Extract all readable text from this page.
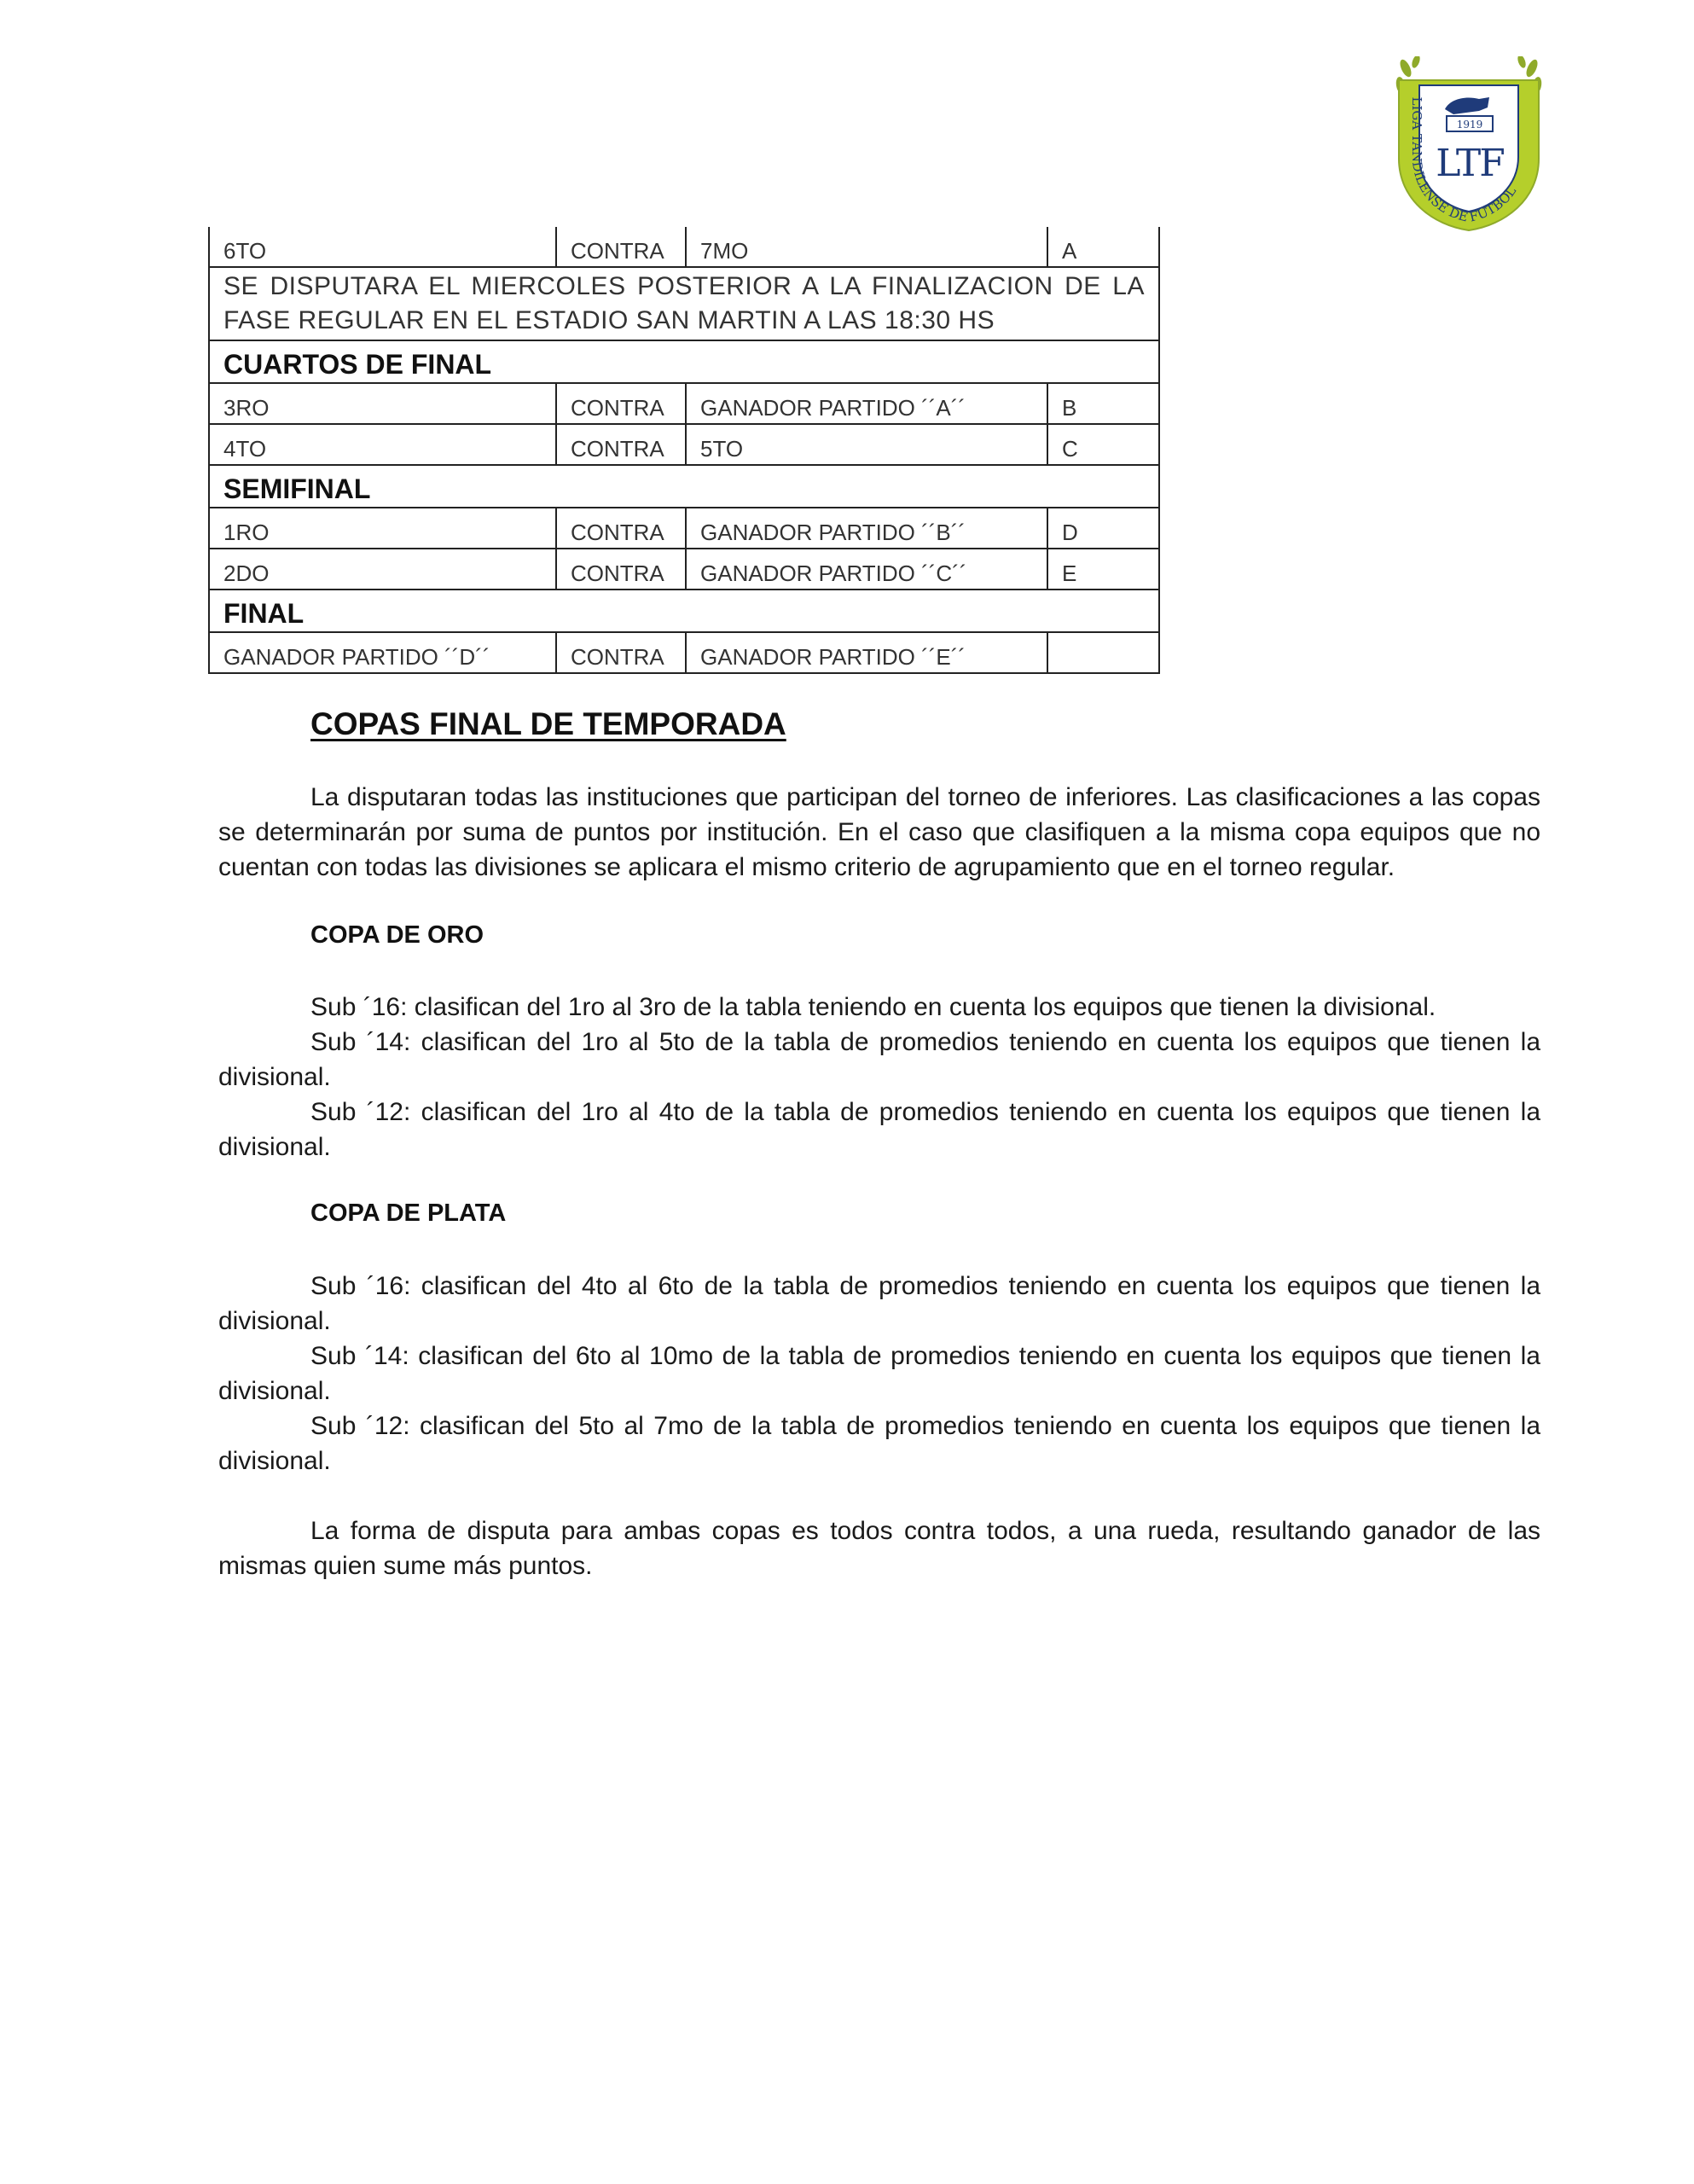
1919
LTF
LIGA TANDILENSE DE FUTBOL
6TO	CONTRA	7MO	A
SE DISPUTARA EL MIERCOLES POSTERIOR A LA FINALIZACION DE LA FASE REGULAR EN EL ESTADIO SAN MARTIN A LAS 18:30 HS			
CUARTOS DE FINAL			
3RO	CONTRA	GANADOR PARTIDO ´´A´´	B
4TO	CONTRA	5TO	C
SEMIFINAL			
1RO	CONTRA	GANADOR PARTIDO ´´B´´	D
2DO	CONTRA	GANADOR PARTIDO ´´C´´	E
FINAL			
GANADOR PARTIDO ´´D´´	CONTRA	GANADOR PARTIDO ´´E´´	
COPAS FINAL DE TEMPORADA

La disputaran todas las instituciones que participan del torneo de inferiores. Las clasificaciones a las copas se determinarán por suma de puntos por institución. En el caso que clasifiquen a la misma copa equipos que no cuentan con todas las divisiones se aplicara el mismo criterio de agrupamiento que en el torneo regular.

COPA DE ORO

Sub ´16: clasifican del 1ro al 3ro de la tabla teniendo en cuenta los equipos que tienen la divisional.

Sub ´14: clasifican del 1ro al 5to de la tabla de promedios teniendo en cuenta los equipos que tienen la divisional.

Sub ´12: clasifican del 1ro al 4to de la tabla de promedios teniendo en cuenta los equipos que tienen la divisional.

COPA DE PLATA

Sub ´16: clasifican del 4to al 6to de la tabla de promedios teniendo en cuenta los equipos que tienen la divisional.

Sub ´14: clasifican del 6to al 10mo de la tabla de promedios teniendo en cuenta los equipos que tienen la divisional.

Sub ´12: clasifican del 5to al 7mo de la tabla de promedios teniendo en cuenta los equipos que tienen la divisional.

La forma de disputa para ambas copas es todos contra todos, a una rueda, resultando ganador de las mismas quien sume más puntos.
